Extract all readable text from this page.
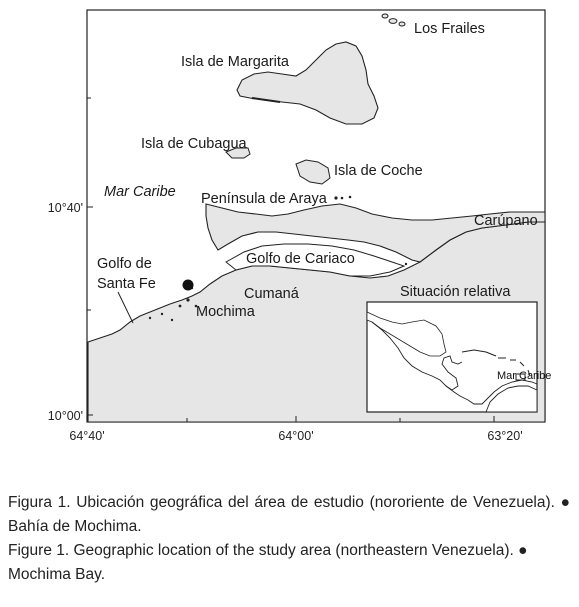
Mar Caribe
Los Frailes
Isla de Margarita
Isla de Cubagua
Isla de Coche
Mar Caribe Península de Araya
Carúpano
Golfo de Cariaco
Golfo de
Santa Fe
Cumaná
Mochima
Situación relativa
10°40'
10°00'
64°40'	64°00'	63°20'

Figura 1. Ubicación geográfica del área de estudio (nororiente de Venezuela). ● Bahía de Mochima.

Figure 1. Geographic location of the study area (northeastern Venezuela). ● Mochima Bay.
